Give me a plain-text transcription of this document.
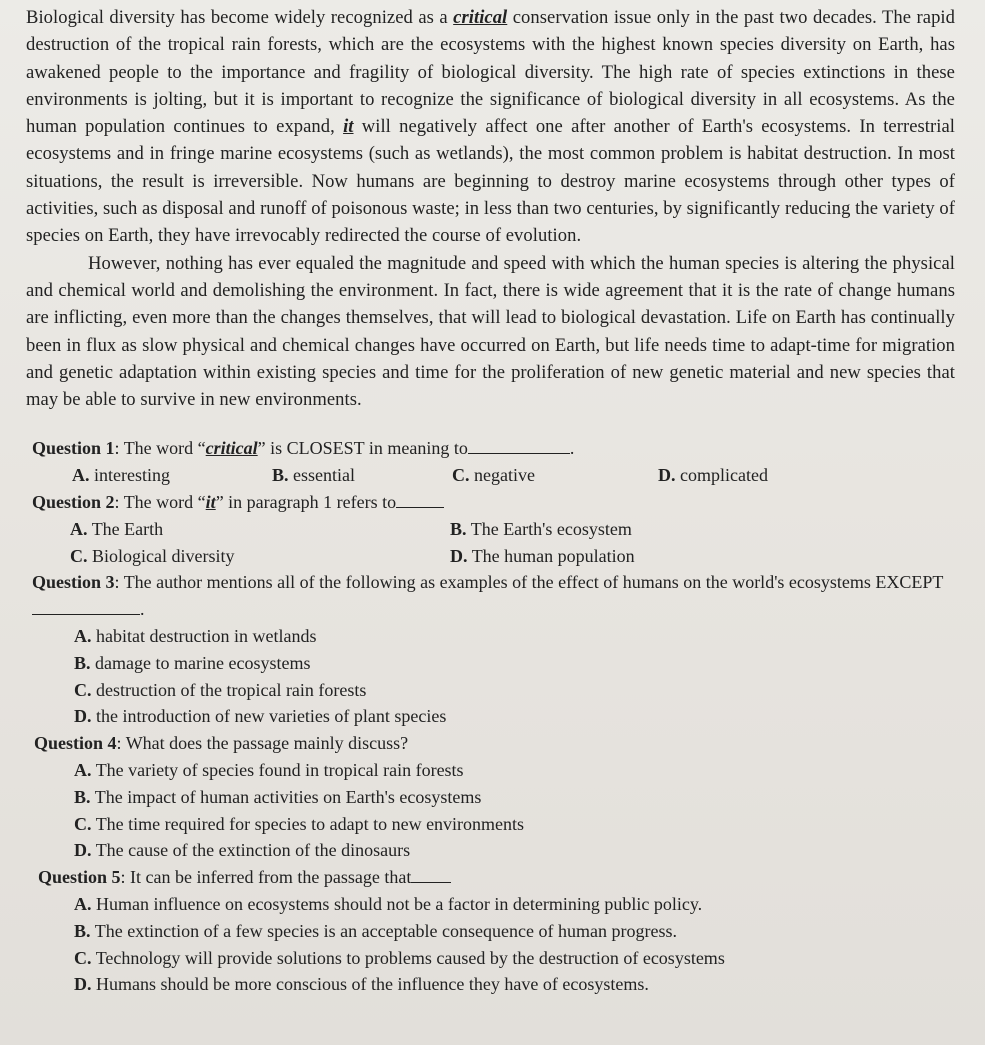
Biological diversity has become widely recognized as a critical conservation issue only in the past two decades. The rapid destruction of the tropical rain forests, which are the ecosystems with the highest known species diversity on Earth, has awakened people to the importance and fragility of biological diversity. The high rate of species extinctions in these environments is jolting, but it is important to recognize the significance of biological diversity in all ecosystems. As the human population continues to expand, it will negatively affect one after another of Earth's ecosystems. In terrestrial ecosystems and in fringe marine ecosystems (such as wetlands), the most common problem is habitat destruction. In most situations, the result is irreversible. Now humans are beginning to destroy marine ecosystems through other types of activities, such as disposal and runoff of poisonous waste; in less than two centuries, by significantly reducing the variety of species on Earth, they have irrevocably redirected the course of evolution.

However, nothing has ever equaled the magnitude and speed with which the human species is altering the physical and chemical world and demolishing the environment. In fact, there is wide agreement that it is the rate of change humans are inflicting, even more than the changes themselves, that will lead to biological devastation. Life on Earth has continually been in flux as slow physical and chemical changes have occurred on Earth, but life needs time to adapt-time for migration and genetic adaptation within existing species and time for the proliferation of new genetic material and new species that may be able to survive in new environments.

Question 1: The word “critical” is CLOSEST in meaning to	.

A. interesting	B. essential	C. negative	D. complicated

Question 2: The word “it” in paragraph 1 refers to

A. The Earth	B. The Earth's ecosystem
C. Biological diversity	D. The human population

Question 3: The author mentions all of the following as examples of the effect of humans on the world's ecosystems EXCEPT.

A. habitat destruction in wetlands
B. damage to marine ecosystems
C. destruction of the tropical rain forests
D. the introduction of new varieties of plant species

Question 4: What does the passage mainly discuss?

A. The variety of species found in tropical rain forests
B. The impact of human activities on Earth's ecosystems
C. The time required for species to adapt to new environments
D. The cause of the extinction of the dinosaurs

Question 5: It can be inferred from the passage that

A. Human influence on ecosystems should not be a factor in determining public policy.
B. The extinction of a few species is an acceptable consequence of human progress.
C. Technology will provide solutions to problems caused by the destruction of ecosystems
D. Humans should be more conscious of the influence they have of ecosystems.
